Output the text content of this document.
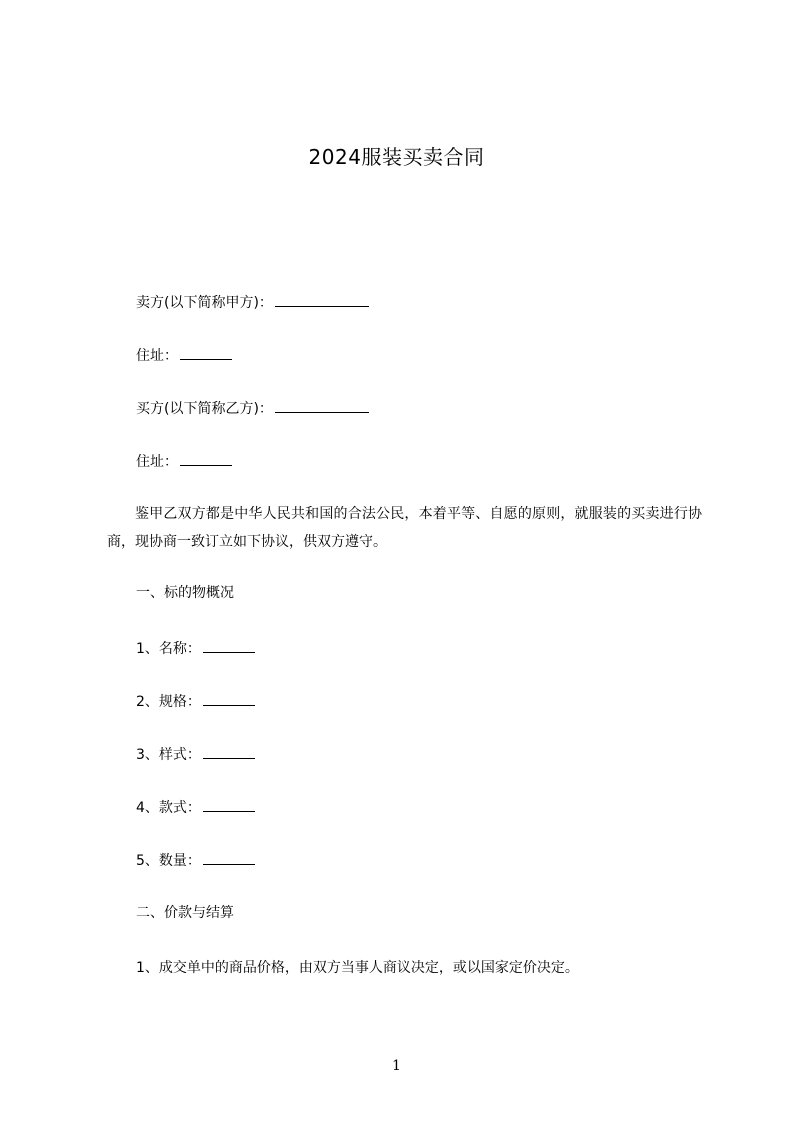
2024服装买卖合同
卖方(以下简称甲方)：
住址：
买方(以下简称乙方)：
住址：
鉴甲乙双方都是中华人民共和国的合法公民，本着平等、自愿的原则，就服装的买卖进行协商，现协商一致订立如下协议，供双方遵守。
一、标的物概况
1、名称：
2、规格：
3、样式：
4、款式：
5、数量：
二、价款与结算
1、成交单中的商品价格，由双方当事人商议决定，或以国家定价决定。
1
